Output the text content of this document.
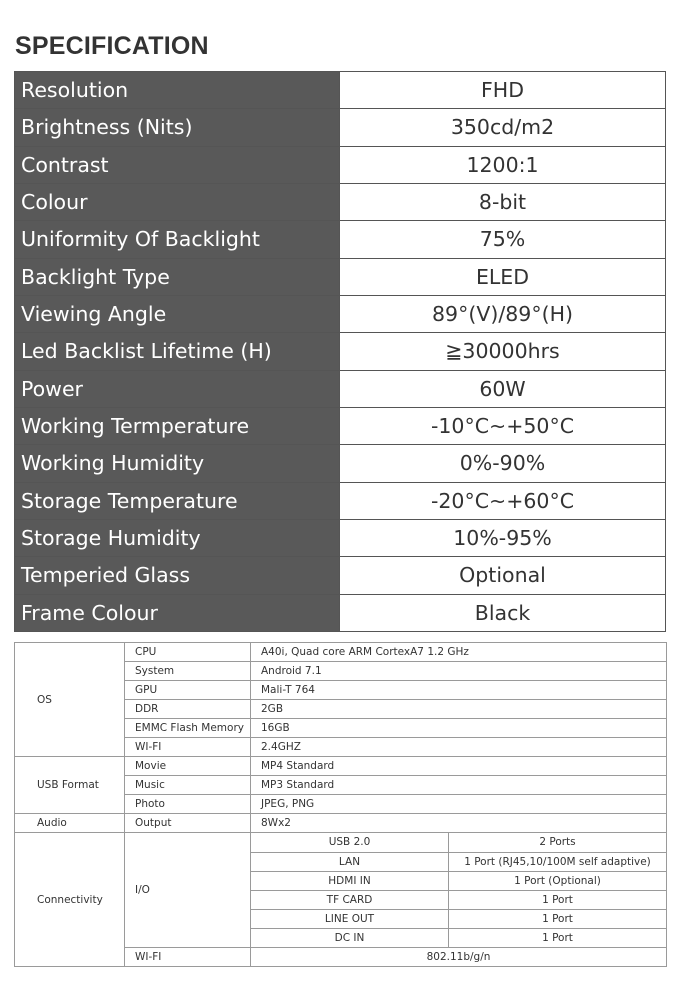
SPECIFICATION
Resolution	FHD
Brightness (Nits)	350cd/m2
Contrast	1200:1
Colour	8-bit
Uniformity Of Backlight	75%
Backlight Type	ELED
Viewing Angle	89°(V)/89°(H)
Led Backlist Lifetime (H)	≧30000hrs
Power	60W
Working Termperature	-10°C~+50°C
Working Humidity	0%-90%
Storage Temperature	-20°C~+60°C
Storage Humidity	10%-95%
Temperied Glass	Optional
Frame Colour	Black
OS	CPU	A40i, Quad core ARM CortexA7 1.2 GHz	
	System	Android 7.1	
	GPU	Mali-T 764	
	DDR	2GB	
	EMMC Flash Memory	16GB	
	WI-FI	2.4GHZ	
USB Format	Movie	MP4 Standard	
	Music	MP3 Standard	
	Photo	JPEG, PNG	
Audio	Output	8Wx2	
Connectivity	I/O	USB 2.0	2 Ports
		LAN	1 Port (RJ45,10/100M self adaptive)
		HDMI IN	1 Port (Optional)
		TF CARD	1 Port
		LINE OUT	1 Port
		DC IN	1 Port
	WI-FI	802.11b/g/n	
